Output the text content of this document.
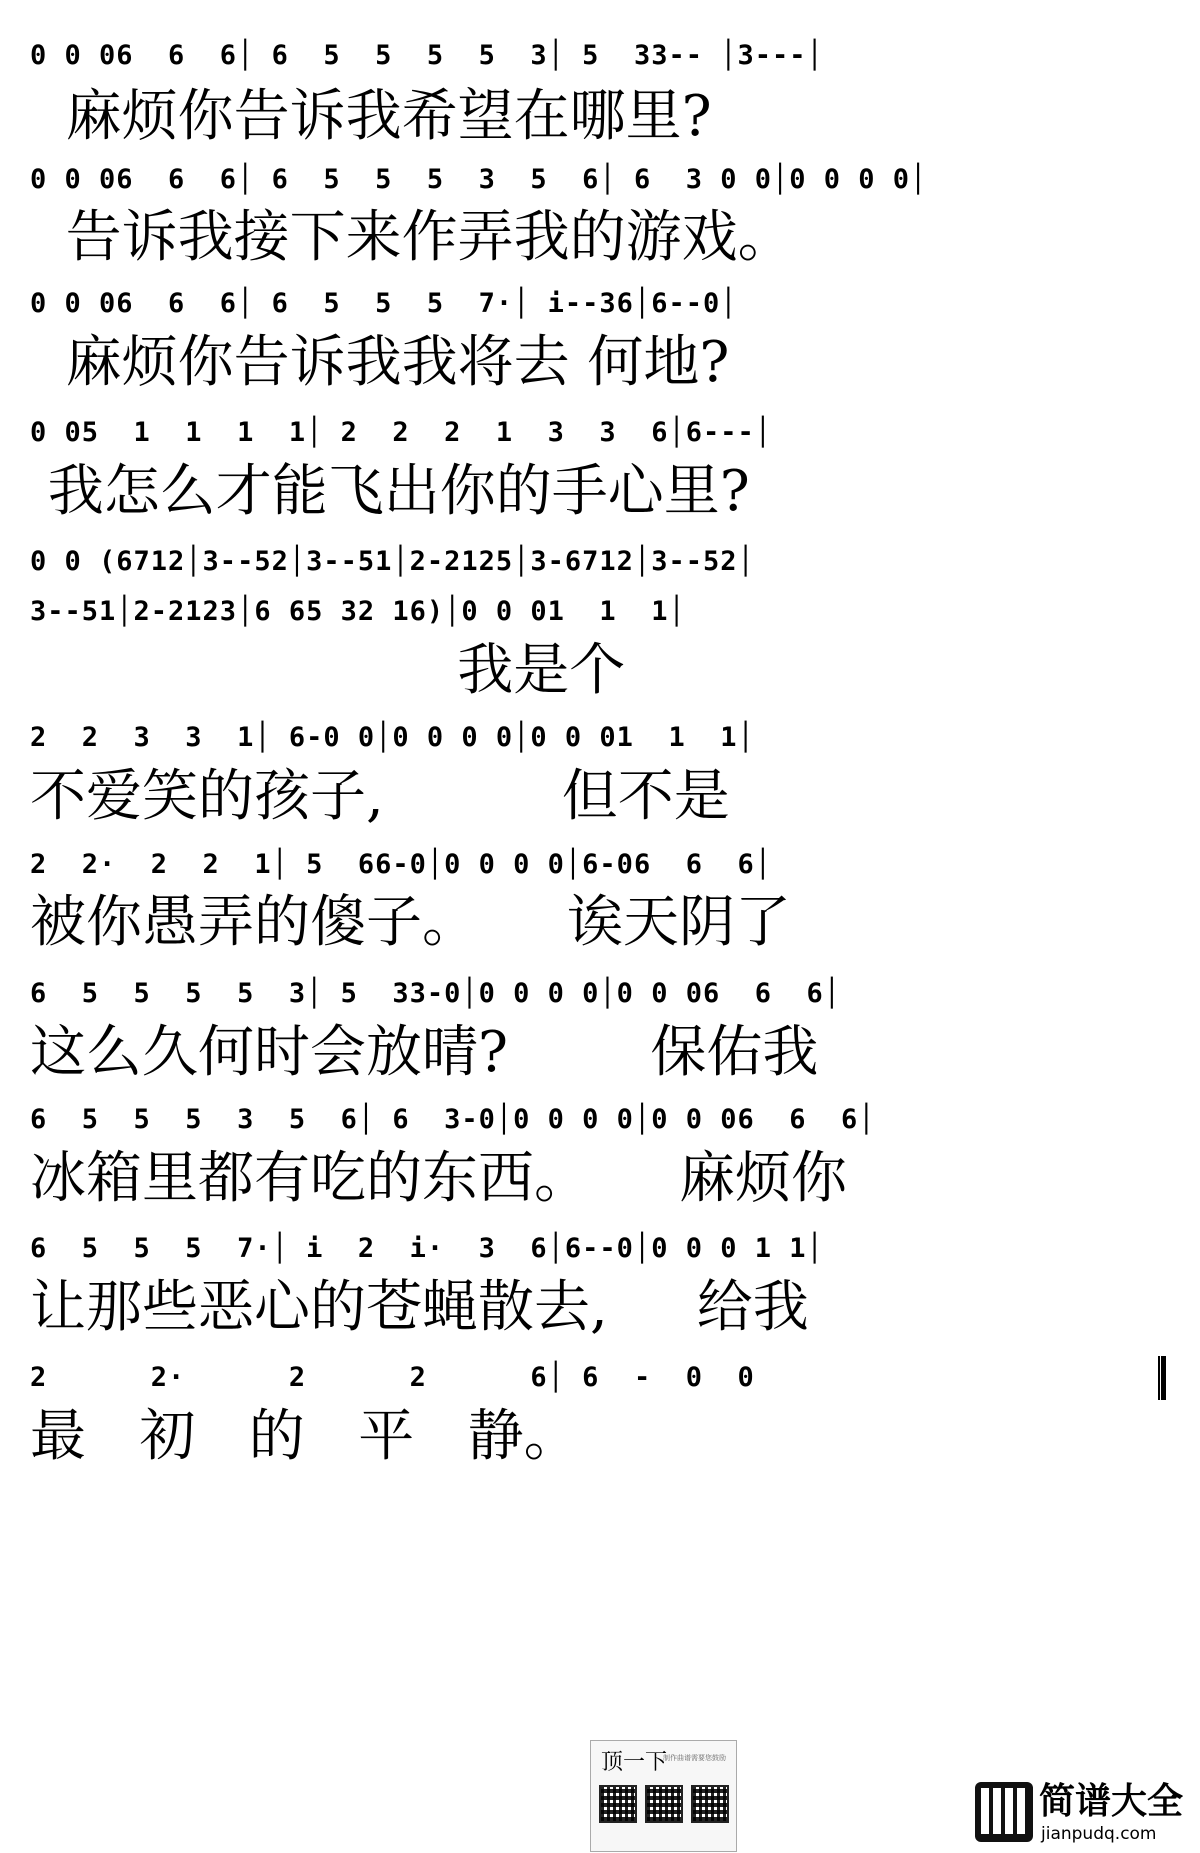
0 0 06  6  6│ 6  5  5  5  5  3│ 5  33-- │3---│
麻烦你告诉我希望在哪里?
0 0 06  6  6│ 6  5  5  5  3  5  6│ 6  3 0 0│0 0 0 0│
告诉我接下来作弄我的游戏。
0 0 06  6  6│ 6  5  5  5  7·│ i--36│6--0│
麻烦你告诉我我将去 何地?
0 05  1  1  1  1│ 2  2  2  1  3  3  6│6---│
我怎么才能飞出你的手心里?
0 0 (6712│3--52│3--51│2-2125│3-6712│3--52│
3--51│2-2123│6 65 32 16)│0 0 01  1  1│
我是个
2  2  3  3  1│ 6-0 0│0 0 0 0│0 0 01  1  1│
不爱笑的孩子,          但不是
2  2·  2  2  1│ 5  66-0│0 0 0 0│6-06  6  6│
被你愚弄的傻子。     诶天阴了
6  5  5  5  5  3│ 5  33-0│0 0 0 0│0 0 06  6  6│
这么久何时会放晴?        保佑我
6  5  5  5  3  5  6│ 6  3-0│0 0 0 0│0 0 06  6  6│
冰箱里都有吃的东西。     麻烦你
6  5  5  5  7·│ i  2  i·  3  6│6--0│0 0 0 1 1│
让那些恶心的苍蝇散去,     给我
2      2·      2      2      6│ 6  -  0  0
最   初   的   平   静。
顶一下
制作曲谱需要您鼓励
简谱大全
jianpudq.com
